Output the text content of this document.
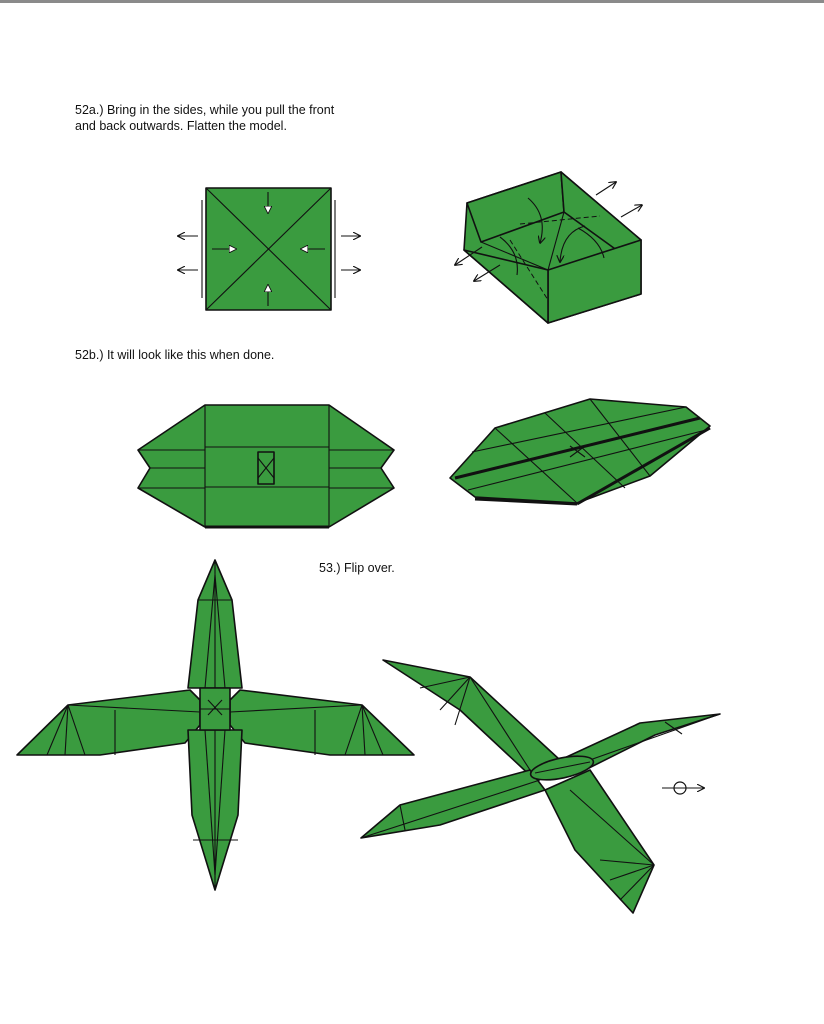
52a.) Bring in the sides, while you pull the front
and back outwards. Flatten the model.

52b.) It will look like this when done.

53.) Flip over.
